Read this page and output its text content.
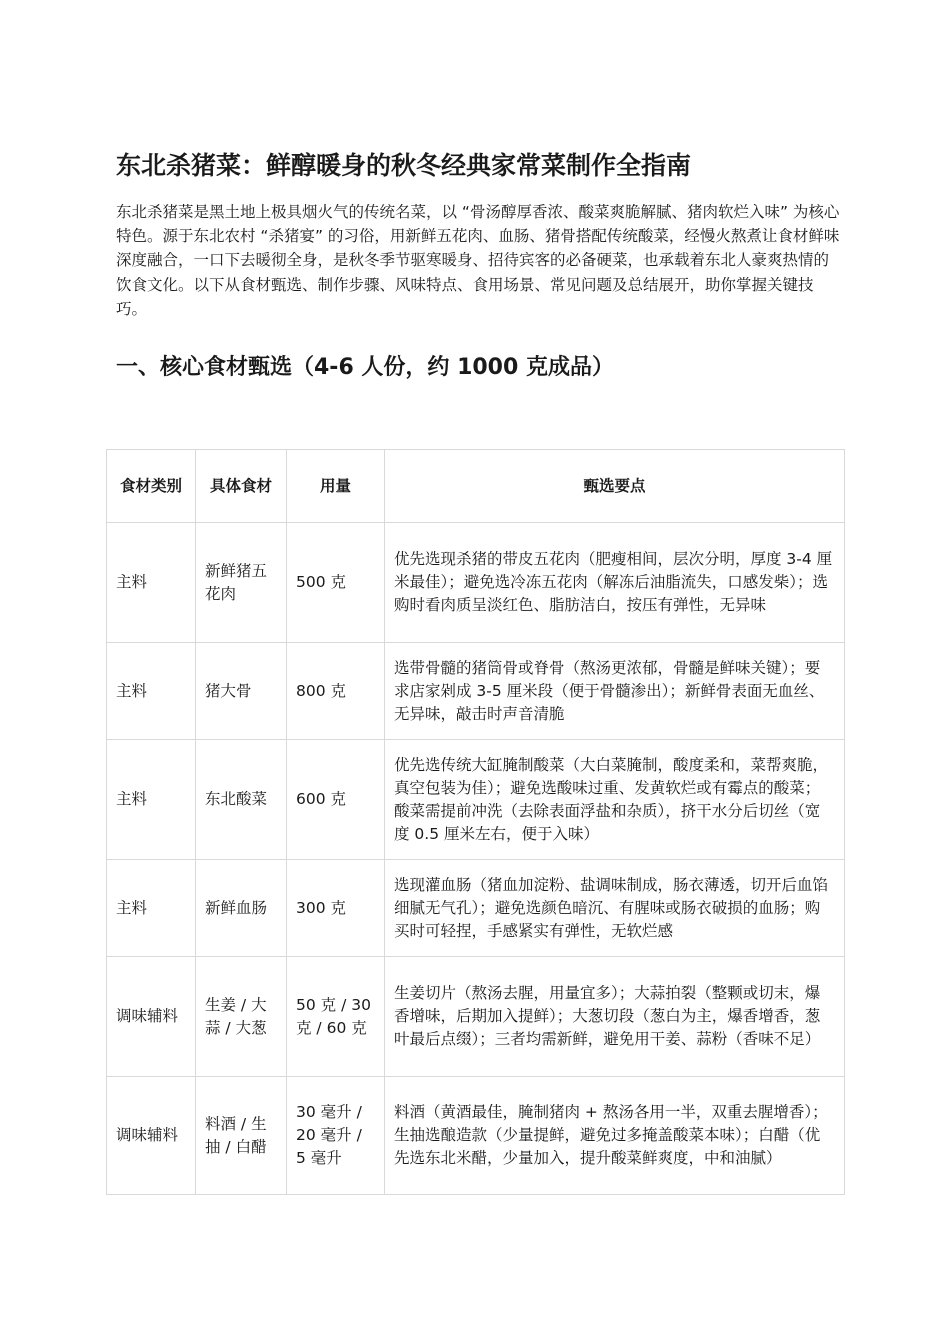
东北杀猪菜：鲜醇暖身的秋冬经典家常菜制作全指南

东北杀猪菜是黑土地上极具烟火气的传统名菜，以 “骨汤醇厚香浓、酸菜爽脆解腻、猪肉软烂入味” 为核心特色。源于东北农村 “杀猪宴” 的习俗，用新鲜五花肉、血肠、猪骨搭配传统酸菜，经慢火熬煮让食材鲜味深度融合，一口下去暖彻全身，是秋冬季节驱寒暖身、招待宾客的必备硬菜，也承载着东北人豪爽热情的饮食文化。以下从食材甄选、制作步骤、风味特点、食用场景、常见问题及总结展开，助你掌握关键技巧。

一、核心食材甄选（4-6 人份，约 1000 克成品）
食材类别	具体食材	用量	甄选要点
主料	新鲜猪五花肉	500 克	优先选现杀猪的带皮五花肉（肥瘦相间，层次分明，厚度 3-4 厘米最佳）；避免选冷冻五花肉（解冻后油脂流失，口感发柴）；选购时看肉质呈淡红色、脂肪洁白，按压有弹性，无异味
主料	猪大骨	800 克	选带骨髓的猪筒骨或脊骨（熬汤更浓郁，骨髓是鲜味关键）；要求店家剁成 3-5 厘米段（便于骨髓渗出）；新鲜骨表面无血丝、无异味，敲击时声音清脆
主料	东北酸菜	600 克	优先选传统大缸腌制酸菜（大白菜腌制，酸度柔和，菜帮爽脆，真空包装为佳）；避免选酸味过重、发黄软烂或有霉点的酸菜；酸菜需提前冲洗（去除表面浮盐和杂质），挤干水分后切丝（宽度 0.5 厘米左右，便于入味）
主料	新鲜血肠	300 克	选现灌血肠（猪血加淀粉、盐调味制成，肠衣薄透，切开后血馅细腻无气孔）；避免选颜色暗沉、有腥味或肠衣破损的血肠；购买时可轻捏，手感紧实有弹性，无软烂感
调味辅料	生姜 / 大蒜 / 大葱	50 克 / 30 克 / 60 克	生姜切片（熬汤去腥，用量宜多）；大蒜拍裂（整颗或切末，爆香增味，后期加入提鲜）；大葱切段（葱白为主，爆香增香，葱叶最后点缀）；三者均需新鲜，避免用干姜、蒜粉（香味不足）
调味辅料	料酒 / 生抽 / 白醋	30 毫升 / 20 毫升 / 5 毫升	料酒（黄酒最佳，腌制猪肉 + 熬汤各用一半，双重去腥增香）；生抽选酿造款（少量提鲜，避免过多掩盖酸菜本味）；白醋（优先选东北米醋，少量加入，提升酸菜鲜爽度，中和油腻）
